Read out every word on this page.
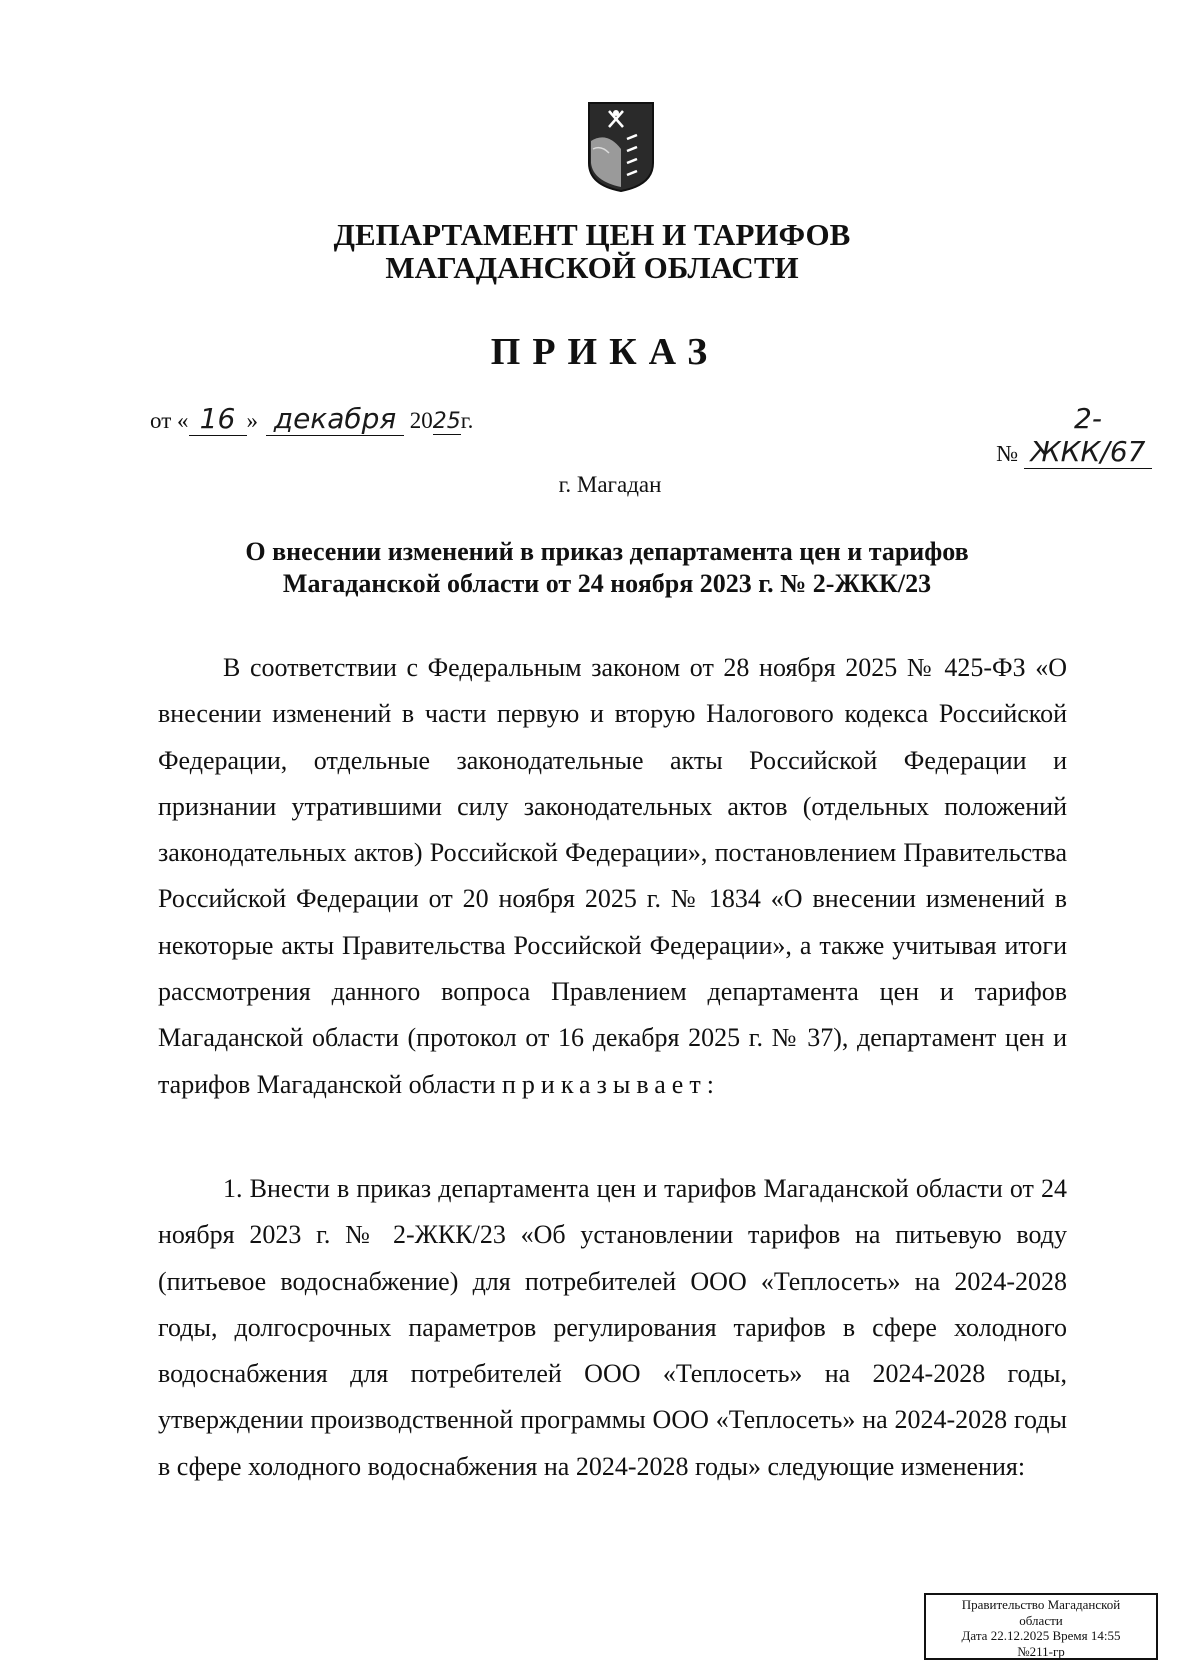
ДЕПАРТАМЕНТ ЦЕН И ТАРИФОВ
МАГАДАНСКОЙ ОБЛАСТИ
ПРИКАЗ
от « 16 » декабря 2025г.
№ 2-ЖКК/67
г. Магадан
О внесении изменений в приказ департамента цен и тарифов
Магаданской области от 24 ноября 2023 г. № 2-ЖКК/23

В соответствии с Федеральным законом от 28 ноября 2025 № 425-ФЗ «О внесении изменений в части первую и вторую Налогового кодекса Российской Федерации, отдельные законодательные акты Российской Федерации и признании утратившими силу законодательных актов (отдельных положений законодательных актов) Российской Федерации», постановлением Правительства Российской Федерации от 20 ноября 2025 г. № 1834 «О внесении изменений в некоторые акты Правительства Российской Федерации», а также учитывая итоги рассмотрения данного вопроса Правлением департамента цен и тарифов Магаданской области (протокол от 16 декабря 2025 г. № 37), департамент цен и тарифов Магаданской области приказывает:

1. Внести в приказ департамента цен и тарифов Магаданской области от 24 ноября 2023 г. № 2-ЖКК/23 «Об установлении тарифов на питьевую воду (питьевое водоснабжение) для потребителей ООО «Теплосеть» на 2024-2028 годы, долгосрочных параметров регулирования тарифов в сфере холодного водоснабжения для потребителей ООО «Теплосеть» на 2024-2028 годы, утверждении производственной программы ООО «Теплосеть» на 2024-2028 годы в сфере холодного водоснабжения на 2024-2028 годы» следующие изменения:

Правительство Магаданской
области
Дата 22.12.2025 Время 14:55
№211-гр
